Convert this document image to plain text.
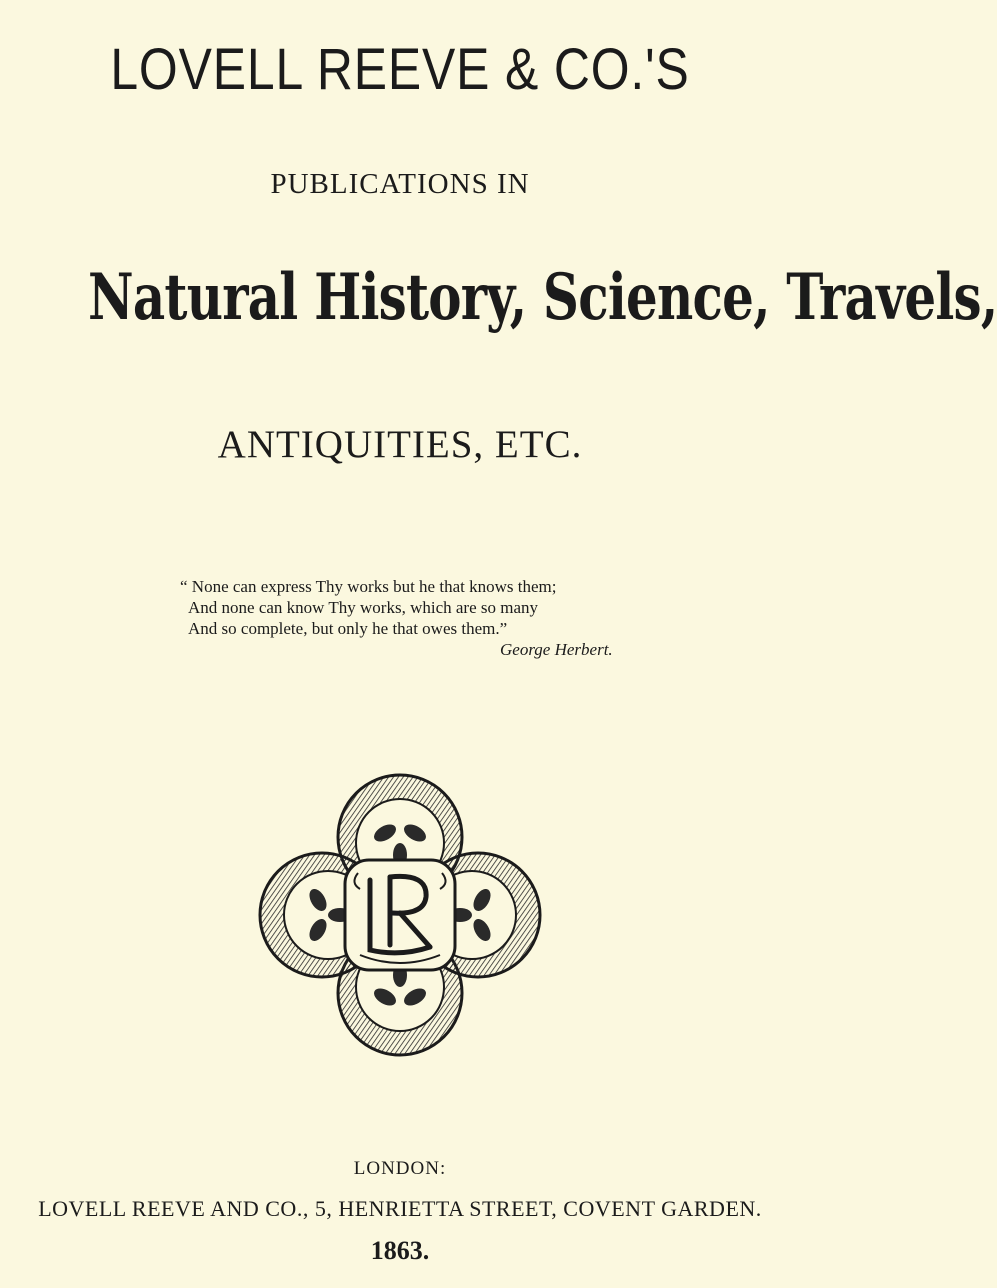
LOVELL REEVE & CO.'S
PUBLICATIONS IN
Natural History, Science, Travels,
ANTIQUITIES, ETC.
“ None can express Thy works but he that knows them;
And none can know Thy works, which are so many
And so complete, but only he that owes them.”
George Herbert.
LONDON:
LOVELL REEVE AND CO., 5, HENRIETTA STREET, COVENT GARDEN.
1863.
